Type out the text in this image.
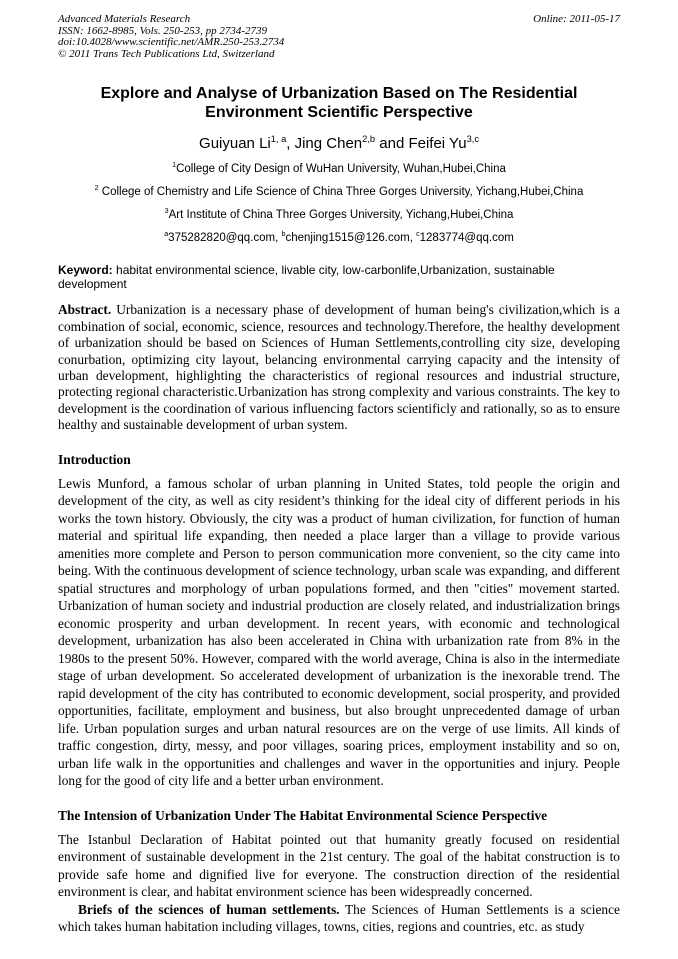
Advanced Materials Research
ISSN: 1662-8985, Vols. 250-253, pp 2734-2739
doi:10.4028/www.scientific.net/AMR.250-253.2734
© 2011 Trans Tech Publications Ltd, Switzerland
Online: 2011-05-17
Explore and Analyse of Urbanization Based on The Residential
Environment Scientific Perspective
Guiyuan Li$^{1, a}$, Jing Chen$^{2,b}$ and Feifei Yu$^{3,c}$
$^1$College of City Design of WuHan University, Wuhan,Hubei,China
$^2$ College of Chemistry and Life Science of China Three Gorges University, Yichang,Hubei,China
$^3$Art Institute of China Three Gorges University, Yichang,Hubei,China
$^a$375282820@qq.com, $^b$chenjing1515@126.com, $^c$1283774@qq.com
Keyword: habitat environmental science, livable city, low-carbonlife,Urbanization, sustainable development

Abstract. Urbanization is a necessary phase of development of human being's civilization,which is a combination of social, economic, science, resources and technology.Therefore, the healthy development of urbanization should be based on Sciences of Human Settlements,controlling city size, developing conurbation, optimizing city layout, belancing environmental carrying capacity and the intensity of urban development, highlighting the characteristics of regional resources and industrial structure, protecting regional characteristic.Urbanization has strong complexity and various constraints. The key to development is the coordination of various influencing factors scientificly and rationally, so as to ensure healthy and sustainable development of urban system.

Introduction

Lewis Munford, a famous scholar of urban planning in United States, told people the origin and development of the city, as well as city resident’s thinking for the ideal city of different periods in his works the town history. Obviously, the city was a product of human civilization, for function of human material and spiritual life expanding, then needed a place larger than a village to provide various amenities more complete and Person to person communication more convenient, so the city came into being. With the continuous development of science technology, urban scale was expanding, and different spatial structures and morphology of urban populations formed, and then "cities" movement started. Urbanization of human society and industrial production are closely related, and industrialization brings economic prosperity and urban development. In recent years, with economic and technological development, urbanization has also been accelerated in China with urbanization rate from 8% in the 1980s to the present 50%. However, compared with the world average, China is also in the intermediate stage of urban development. So accelerated development of urbanization is the inexorable trend. The rapid development of the city has contributed to economic development, social prosperity, and provided opportunities, facilitate, employment and business, but also brought unprecedented damage of urban life. Urban population surges and urban natural resources are on the verge of use limits. All kinds of traffic congestion, dirty, messy, and poor villages, soaring prices, employment instability and so on, urban life walk in the opportunities and challenges and waver in the opportunities and injury. People long for the good of city life and a better urban environment.

The Intension of Urbanization Under The Habitat Environmental Science Perspective

The Istanbul Declaration of Habitat pointed out that humanity greatly focused on residential environment of sustainable development in the 21st century. The goal of the habitat construction is to provide safe home and dignified live for everyone. The construction direction of the residential environment is clear, and habitat environment science has been widespreadly concerned.

Briefs of the sciences of human settlements. The Sciences of Human Settlements is a science which takes human habitation including villages, towns, cities, regions and countries, etc. as study
